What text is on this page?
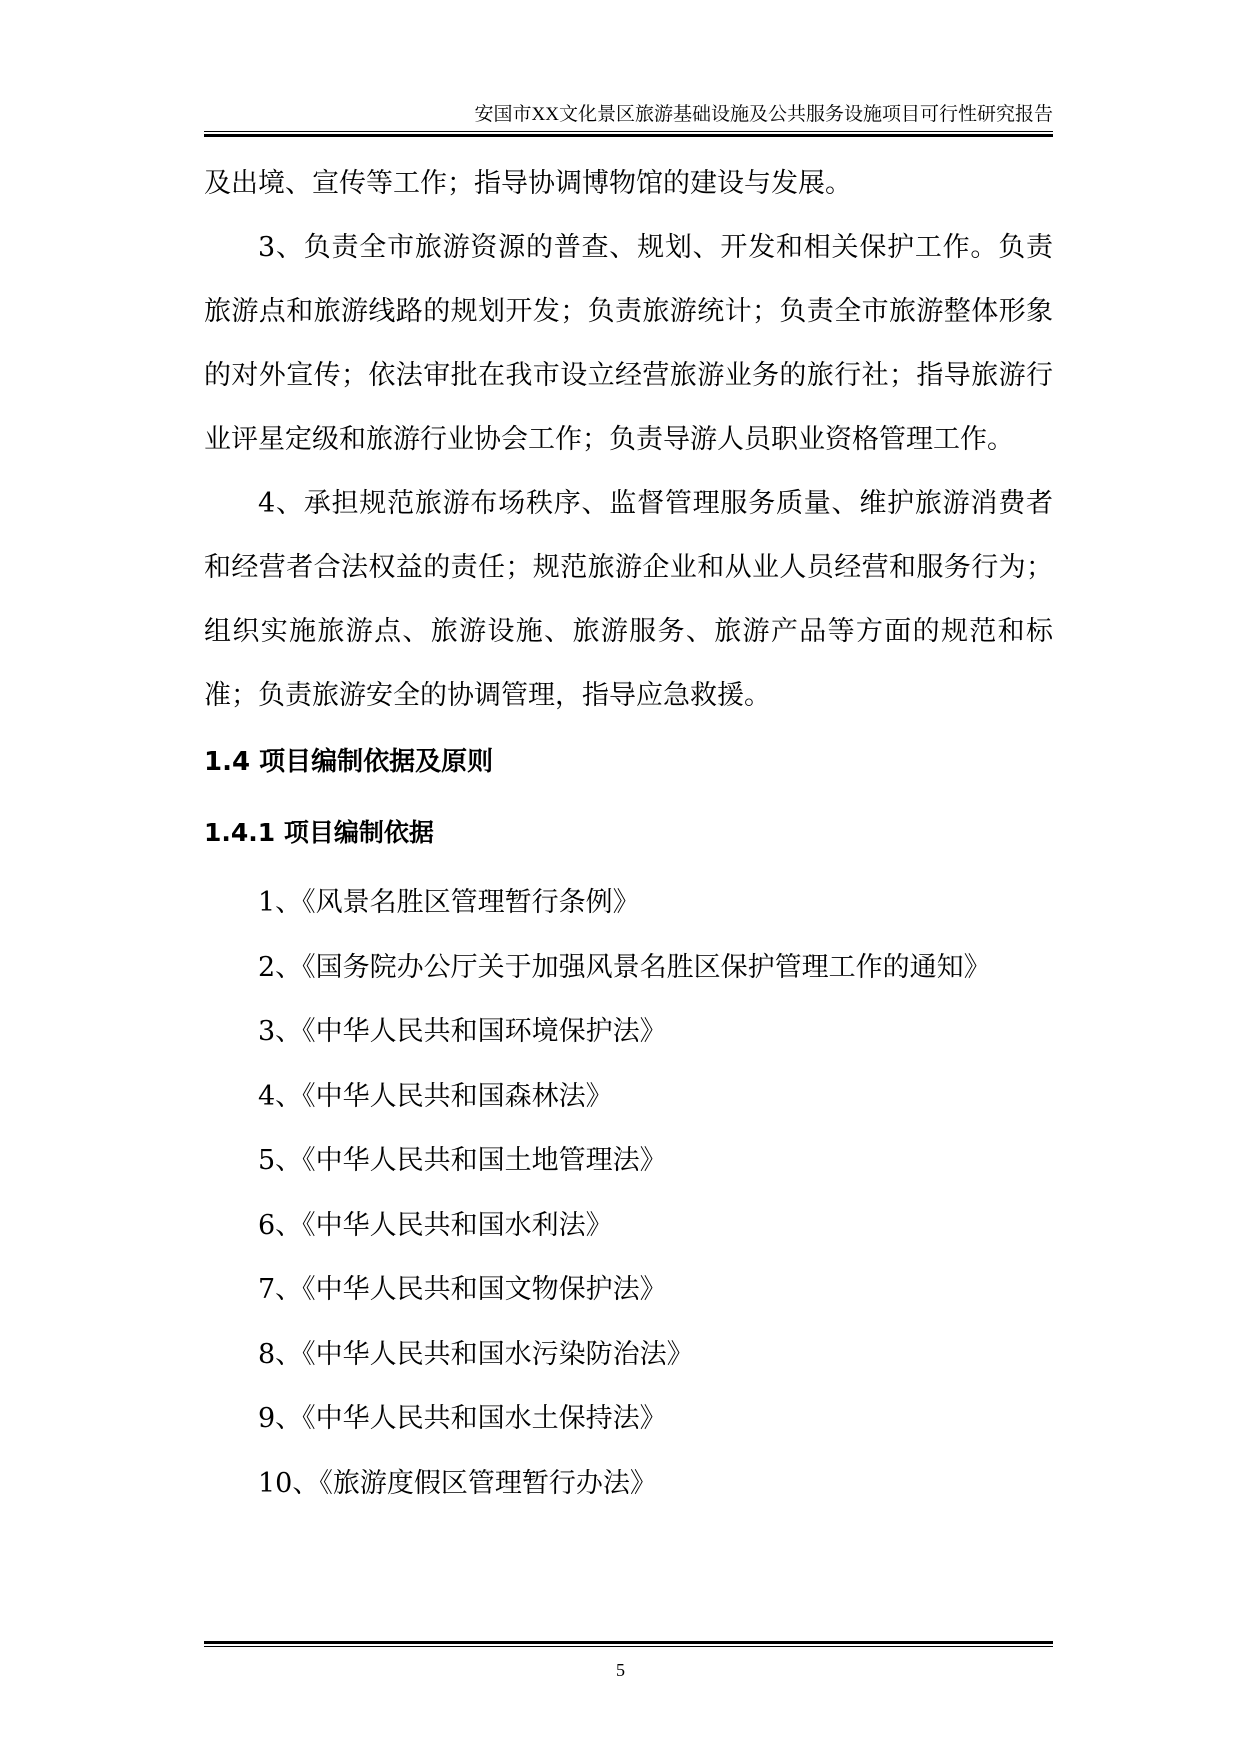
安国市XX文化景区旅游基础设施及公共服务设施项目可行性研究报告

及出境、宣传等工作；指导协调博物馆的建设与发展。

3、负责全市旅游资源的普查、规划、开发和相关保护工作。负责旅游点和旅游线路的规划开发；负责旅游统计；负责全市旅游整体形象的对外宣传；依法审批在我市设立经营旅游业务的旅行社；指导旅游行业评星定级和旅游行业协会工作；负责导游人员职业资格管理工作。

4、承担规范旅游布场秩序、监督管理服务质量、维护旅游消费者和经营者合法权益的责任；规范旅游企业和从业人员经营和服务行为；组织实施旅游点、旅游设施、旅游服务、旅游产品等方面的规范和标准；负责旅游安全的协调管理，指导应急救援。

1.4 项目编制依据及原则
1.4.1 项目编制依据
1、《风景名胜区管理暂行条例》
2、《国务院办公厅关于加强风景名胜区保护管理工作的通知》
3、《中华人民共和国环境保护法》
4、《中华人民共和国森林法》
5、《中华人民共和国土地管理法》
6、《中华人民共和国水利法》
7、《中华人民共和国文物保护法》
8、《中华人民共和国水污染防治法》
9、《中华人民共和国水土保持法》
10、《旅游度假区管理暂行办法》
5
